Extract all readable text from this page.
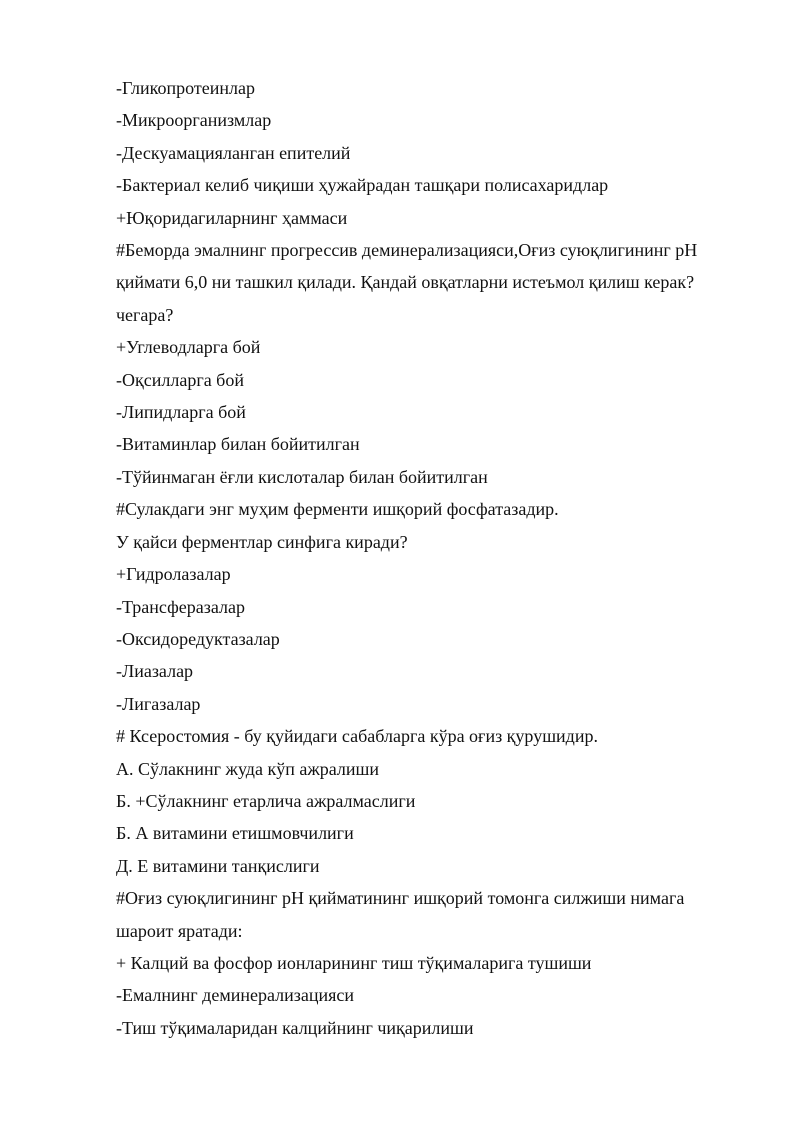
-Гликопротеинлар
-Микроорганизмлар
-Дескуамацияланган епителий
-Бактериал келиб чиқиши ҳужайрадан ташқари полисахаридлар
+Юқоридагиларнинг ҳаммаси
#Беморда эмалнинг прогрессив деминерализацияси,Оғиз суюқлигининг pH
қиймати 6,0 ни ташкил қилади. Қандай овқатларни истеъмол қилиш керак?
чегара?
+Углеводларга бой
-Оқсилларга бой
-Липидларга бой
-Витаминлар билан бойитилган
-Тўйинмаган ёғли кислоталар билан бойитилган
#Сулакдаги энг муҳим ферменти ишқорий фосфатазадир.
У қайси ферментлар синфига киради?
+Гидролазалар
-Трансферазалар
-Оксидоредуктазалар
-Лиазалар
-Лигазалар
# Ксеростомия - бу қуйидаги сабабларга кўра оғиз қурушидир.
А. Сўлакнинг жуда кўп ажралиши
Б. +Сўлакнинг етарлича ажралмаслиги
Б. А витамини етишмовчилиги
Д. Е витамини танқислиги
#Оғиз суюқлигининг pH қийматининг ишқорий томонга силжиши нимага
шароит яратади:
+ Калций ва фосфор ионларининг тиш тўқималарига тушиши
-Емалнинг деминерализацияси
-Тиш тўқималаридан калцийнинг чиқарилиши
